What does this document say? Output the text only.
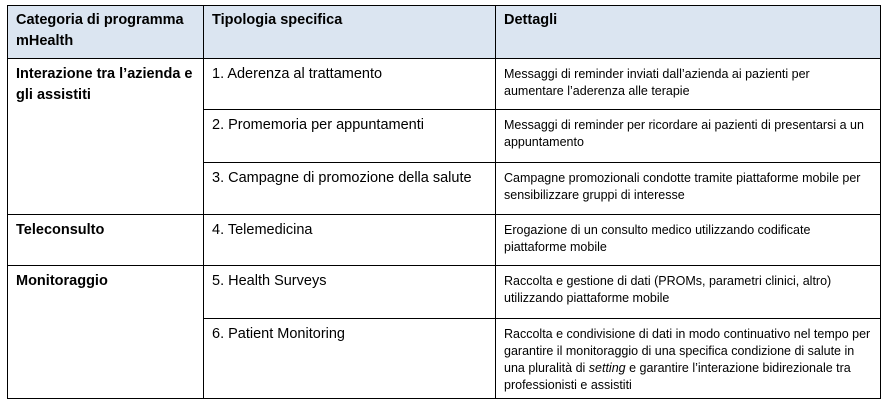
Categoria di programma mHealth	Tipologia specifica	Dettagli
Interazione tra l’azienda e gli assistiti	1. Aderenza al trattamento	Messaggi di reminder inviati dall’azienda ai pazienti per aumentare l’aderenza alle terapie
	2. Promemoria per appuntamenti	Messaggi di reminder per ricordare ai pazienti di presentarsi a un appuntamento
	3. Campagne di promozione della salute	Campagne promozionali condotte tramite piattaforme mobile per sensibilizzare gruppi di interesse
Teleconsulto	4. Telemedicina	Erogazione di un consulto medico utilizzando codificate piattaforme mobile
Monitoraggio	5. Health Surveys	Raccolta e gestione di dati (PROMs, parametri clinici, altro) utilizzando piattaforme mobile
	6. Patient Monitoring	Raccolta e condivisione di dati in modo continuativo nel tempo per garantire il monitoraggio di una specifica condizione di salute in una pluralità di setting e garantire l’interazione bidirezionale tra professionisti e assistiti
